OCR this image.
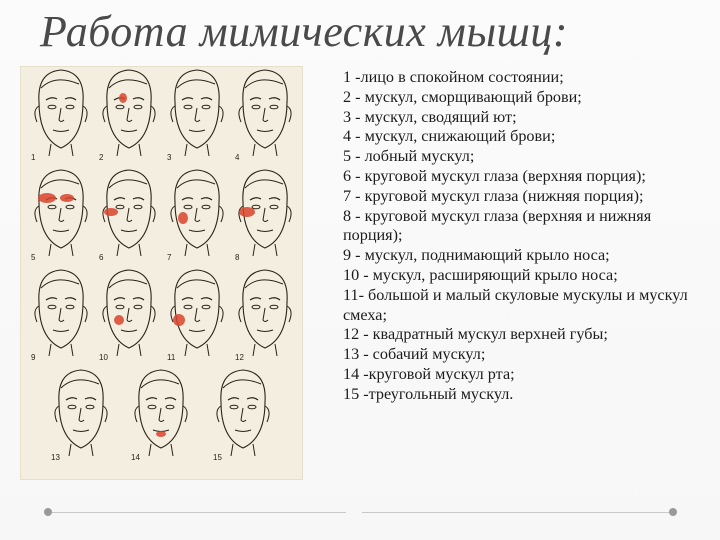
Работа мимических мышц:
1	2	3	4
5	6	7	8
9	10	11	12
13	14	15
1 -лицо в спокойном состоянии;
2 - мускул, сморщивающий брови;
3 - мускул, сводящий ют;
4 - мускул, снижающий брови;
5 - лобный мускул;
6 - круговой мускул глаза (верхняя порция);
7 - круговой мускул глаза (нижняя порция);
8 - круговой мускул глаза (верхняя и нижняя порция);
9 - мускул, поднимающий крыло носа;
10 - мускул, расширяющий крыло носа;
11- большой и малый скуловые мускулы и мускул смеха;
12 - квадратный мускул верхней губы;
13 - собачий мускул;
14 -круговой мускул рта;
15 -треугольный мускул.
